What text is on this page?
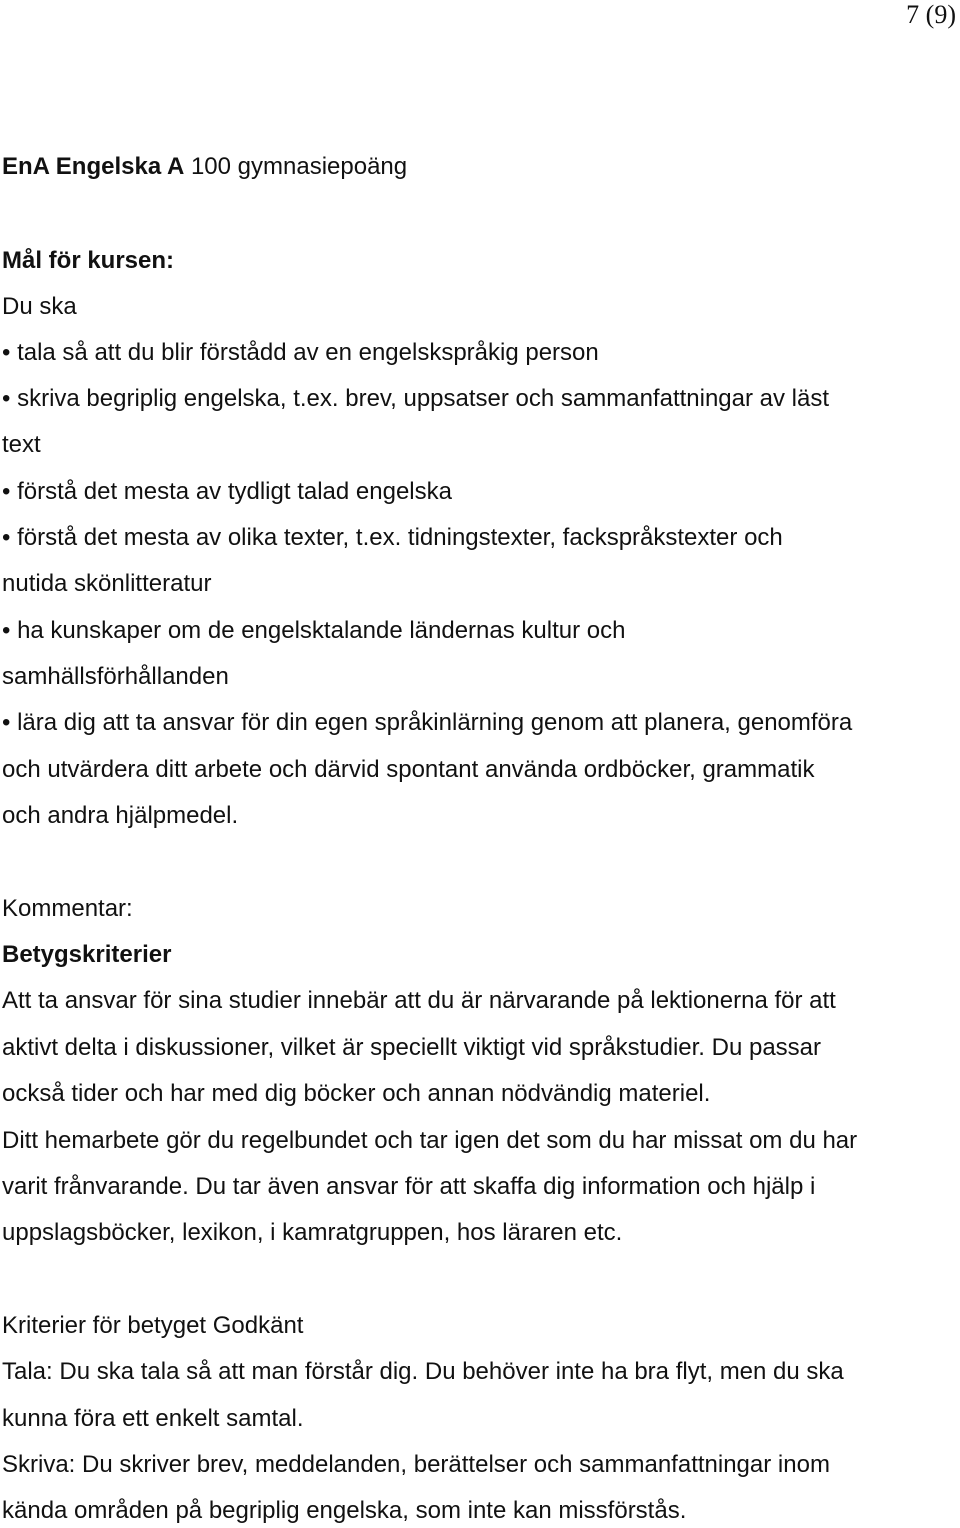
7 (9)
EnA Engelska A 100 gymnasiepoäng
Mål för kursen:
Du ska
• tala så att du blir förstådd av en engelskspråkig person
• skriva begriplig engelska, t.ex. brev, uppsatser och sammanfattningar av läst
text
• förstå det mesta av tydligt talad engelska
• förstå det mesta av olika texter, t.ex. tidningstexter, fackspråkstexter och
nutida skönlitteratur
• ha kunskaper om de engelsktalande ländernas kultur och
samhällsförhållanden
• lära dig att ta ansvar för din egen språkinlärning genom att planera, genomföra
och utvärdera ditt arbete och därvid spontant använda ordböcker, grammatik
och andra hjälpmedel.
Kommentar:
Betygskriterier
Att ta ansvar för sina studier innebär att du är närvarande på lektionerna för att
aktivt delta i diskussioner, vilket är speciellt viktigt vid språkstudier. Du passar
också tider och har med dig böcker och annan nödvändig materiel.
Ditt hemarbete gör du regelbundet och tar igen det som du har missat om du har
varit frånvarande. Du tar även ansvar för att skaffa dig information och hjälp i
uppslagsböcker, lexikon, i kamratgruppen, hos läraren etc.
Kriterier för betyget Godkänt
Tala: Du ska tala så att man förstår dig. Du behöver inte ha bra flyt, men du ska
kunna föra ett enkelt samtal.
Skriva: Du skriver brev, meddelanden, berättelser och sammanfattningar inom
kända områden på begriplig engelska, som inte kan missförstås.
